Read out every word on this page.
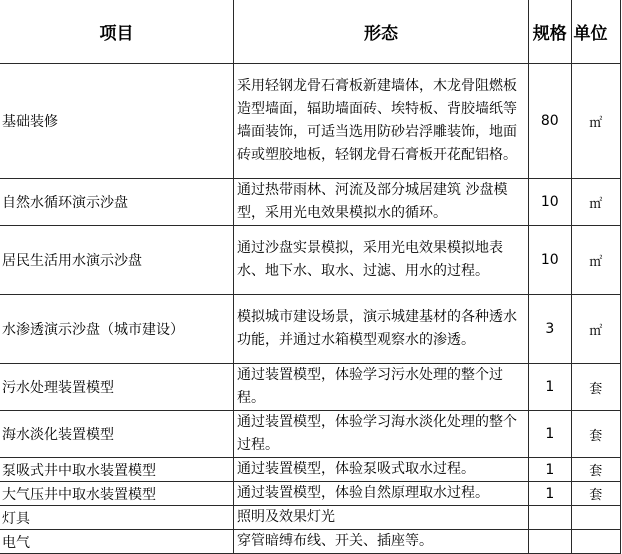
项目	形态	规格	单位
基础装修	采用轻钢龙骨石膏板新建墙体，木龙骨阻燃板造型墙面，辐助墙面砖、埃特板、背胶墙纸等墙面装饰，可适当选用防砂岩浮雕装饰，地面砖或塑胶地板，轻钢龙骨石膏板开花配铝格。	80	㎡
自然水循环演示沙盘	通过热带雨林、河流及部分城居建筑 沙盘模型，采用光电效果模拟水的循环。	10	㎡
居民生活用水演示沙盘	通过沙盘实景模拟，采用光电效果模拟地表水、地下水、取水、过滤、用水的过程。	10	㎡
水渗透演示沙盘（城市建设）	模拟城市建设场景，演示城建基材的各种透水功能，并通过水箱模型观察水的渗透。	3	㎡
污水处理装置模型	通过装置模型，体验学习污水处理的整个过程。	1	套
海水淡化装置模型	通过装置模型，体验学习海水淡化处理的整个过程。	1	套
泵吸式井中取水装置模型	通过装置模型，体验泵吸式取水过程。	1	套
大气压井中取水装置模型	通过装置模型，体验自然原理取水过程。	1	套
灯具	照明及效果灯光		
电气	穿管暗缚布线、开关、插座等。		
